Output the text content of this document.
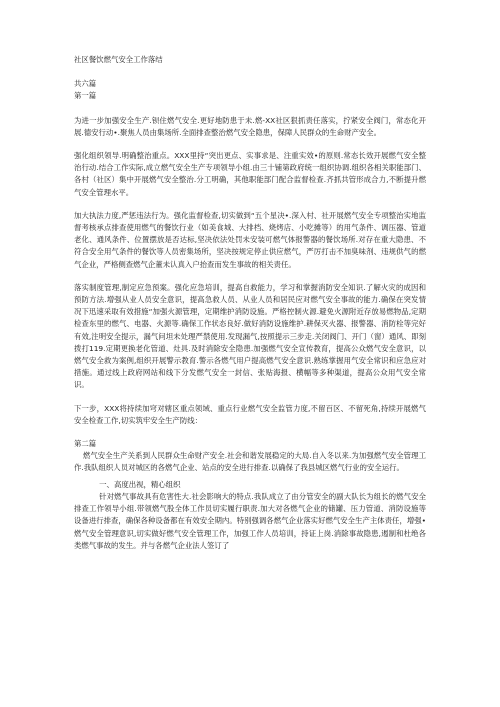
社区餐饮燃气安全工作落结
共六篇
第一篇

为进一步加强安全生产.钡住燃气安全.更好地防患于未.燃-XX社区狠抓责任落实，拧紧安全阀门，常态化开展.德安行动•.聚焦人员由集场所.全面排查整治燃气安全隐患，保障人民群众的生命财产安全。

强化组织领导.明确整治重点。XXX里持“突出更点、实事求是、注重实效•的原则.常态长效开展燃气安全整治行动.结合工作实际,成立燃气安全生产专项领导小组.由三十铺第政府统一组织协调.组织各相关职能部门、各村（社区）集中开展燃气安全整治.分工明确，其他职能部门配合监督检查.齐抓共管形成合力,不断提升燃气安全管理水平。

加大执法力度,严惩违法行为。强化监督检查,切实做到“五个星决•.深入村、社开展燃气安全专项整治实地监督考核承点排查使用燃气的餐饮行业（如美食城、大排档、烧烤店、小吃摊等）的用气条件、调压器、管道老化、通风条件、位置摆放是否达标,坚决依法处罚未安装可燃气体报警器的餐饮场所.对存在重大隐患、不符合安全用气条件的餐饮等人员密集场所，坚决按规定停止供应燃气，严厉打击不加臭味剂、违规供气的燃气企业，严格侧查燃气企董未认真入户抬查而发生事故的相关责任。

落实制度管理,制定应急预案。强化应急培训，提高自救能力，学习和掌握消防安全知识.了解火灾的成因和预防方法.增强从业人员安全意识，提高急救人员、从业人员和居民应对燃气安全事故的能力.确保在突发情况下迅速采取有效措施“加强火源管理，定期维护消防设施。严格控制火源.避免火源附近存放易燃物品,定期检查东里的燃气、电器、火源等.确保工作状态良好.做好消防设施维护.耕保灭火器、报警器、消防栓等完好有效,注明安全提示，漏气问坦未处理严禁使用.发现漏气,按照提示三步走.关闭阀门、开门（窗）通风、即刻拨打119.定期更换老化管道、灶具.及时消除安全隐患.加强燃气安全宣传教育，提高公众燃气安全意识，以燃气安全救为案例,组织开展警示教育.警示各燃气用户提高燃气安全意识.熟练掌握用气安全常识和应急应对措施。通过线上政府网站和线下分发燃气安全一封信、张贴海报、横幅等多种渠道，提高公众用气安全常识。

下一步，XXX将持续加穹对辖区重点领域、重点行业燃气安全监管力度,不留百区、不留死角,持续开展燃气安全检查工作,切实筑牢安全生产防线：

第二篇

燃气安全生产关系到人民群众生命财产安全.社会和谐发展稳定的大局.自入冬以来.为加强燃气安全管理工作.我队组织人员对城区的各燃气企业、站点的安全进行排查.以确保了我县城区燃气行业的安全运行。

一、高度出视，精心组织

针对燃气事故具有危害性大.社会影响大的特点.我队成立了由分管安全的副大队长为组长的燃气安全排查工作领导小组.带领燃气股全体工作员切实履行职责.加大对各燃气企业的储罐、压力管道、消防设施等设备进行排查，确保各种设备都在有效安全期内。特别强调各燃气企业落实好燃气安全生产主体责任，增强•燃气安全管理意识,切实做好燃气安全管理工作，加强工作人员培训，持证上岗.消除事故隐患,遏制和杜绝各类燃气事故的发生。并与各燃气企业法人签订了
